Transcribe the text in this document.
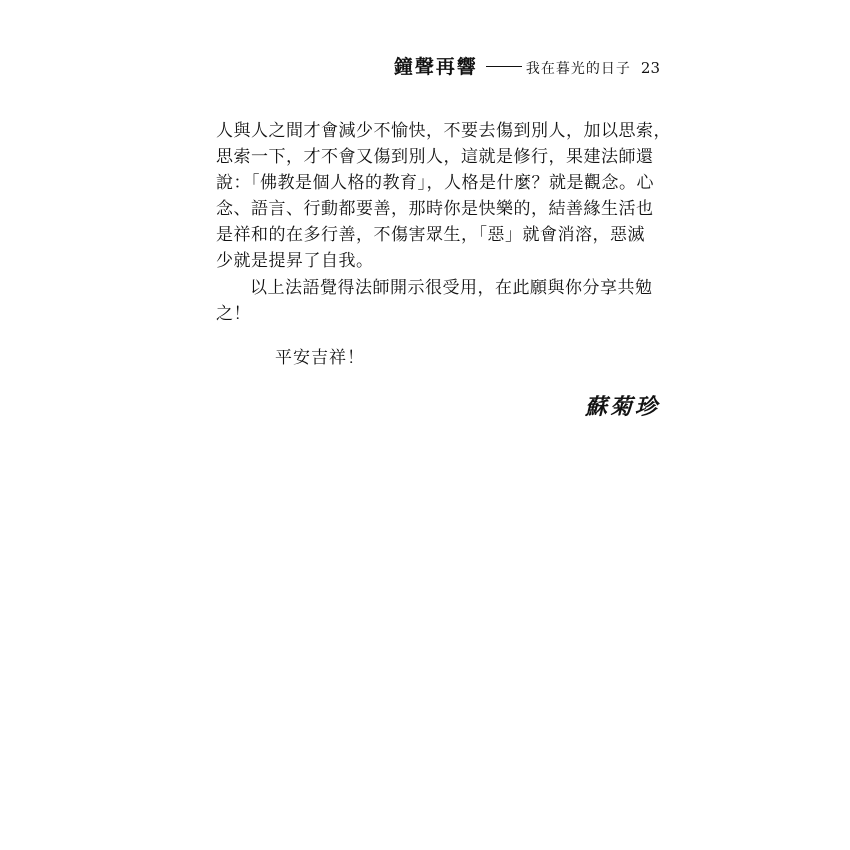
鐘聲再響	我在暮光的日子 23
人與人之間才會減少不愉快，不要去傷到別人，加以思索，
思索一下，才不會又傷到別人，這就是修行，果建法師還
說：「佛教是個人格的教育」，人格是什麼？就是觀念。心
念、語言、行動都要善，那時你是快樂的，結善緣生活也
是祥和的在多行善，不傷害眾生，「惡」就會消溶，惡滅
少就是提昇了自我。
以上法語覺得法師開示很受用，在此願與你分享共勉
之！
平安吉祥！
蘇菊珍
